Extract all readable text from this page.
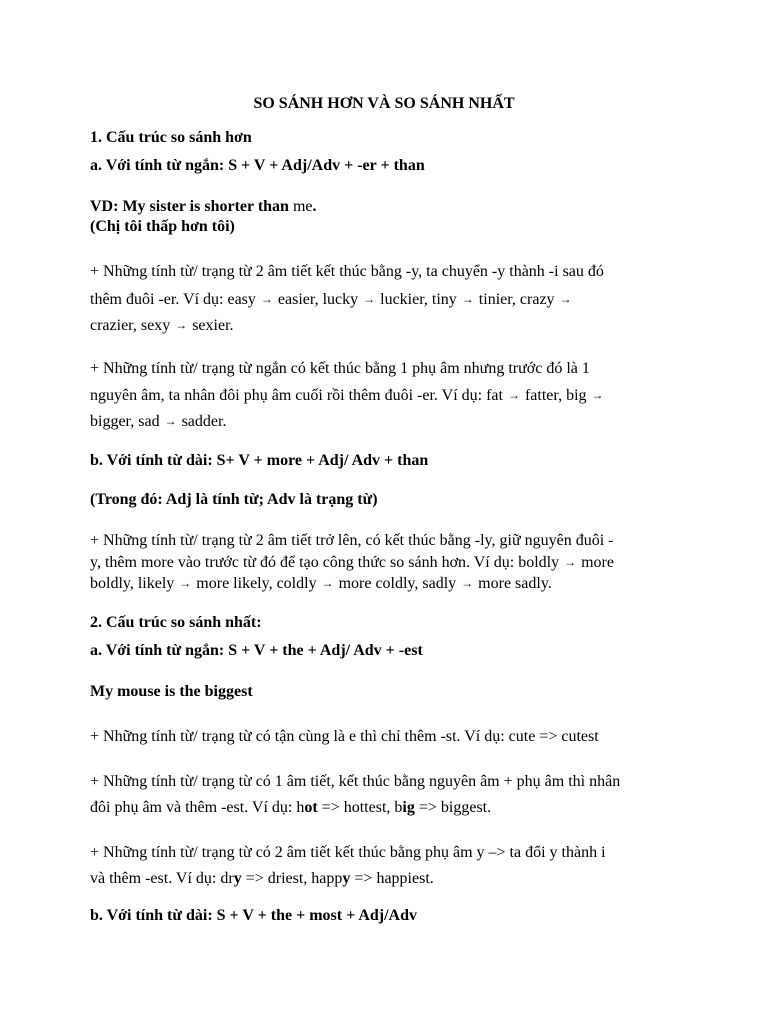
SO SÁNH HƠN VÀ SO SÁNH NHẤT
1. Cấu trúc so sánh hơn
a. Với tính từ ngắn: S + V + Adj/Adv + -er + than
VD: My sister is shorter than me.
(Chị tôi thấp hơn tôi)
+ Những tính từ/ trạng từ 2 âm tiết kết thúc bằng -y, ta chuyển -y thành -i sau đó
thêm đuôi -er. Ví dụ: easy → easier, lucky → luckier, tiny → tinier, crazy →
crazier, sexy → sexier.
+ Những tính từ/ trạng từ ngắn có kết thúc bằng 1 phụ âm nhưng trước đó là 1
nguyên âm, ta nhân đôi phụ âm cuối rồi thêm đuôi -er. Ví dụ: fat → fatter, big →
bigger, sad → sadder.
b. Với tính từ dài: S+ V + more + Adj/ Adv + than
(Trong đó: Adj là tính từ; Adv là trạng từ)
+ Những tính từ/ trạng từ 2 âm tiết trở lên, có kết thúc bằng -ly, giữ nguyên đuôi -
y, thêm more vào trước từ đó để tạo công thức so sánh hơn. Ví dụ: boldly → more
boldly, likely → more likely, coldly → more coldly, sadly → more sadly.
2. Cấu trúc so sánh nhất:
a. Với tính từ ngắn: S + V + the + Adj/ Adv + -est
My mouse is the biggest
+ Những tính từ/ trạng từ có tận cùng là e thì chỉ thêm -st. Ví dụ: cute => cutest
+ Những tính từ/ trạng từ có 1 âm tiết, kết thúc bằng nguyên âm + phụ âm thì nhân
đôi phụ âm và thêm -est. Ví dụ: hot => hottest, big => biggest.
+ Những tính từ/ trạng từ có 2 âm tiết kết thúc bằng phụ âm y –> ta đổi y thành i
và thêm -est. Ví dụ: dry => driest, happy => happiest.
b. Với tính từ dài: S + V + the + most + Adj/Adv
